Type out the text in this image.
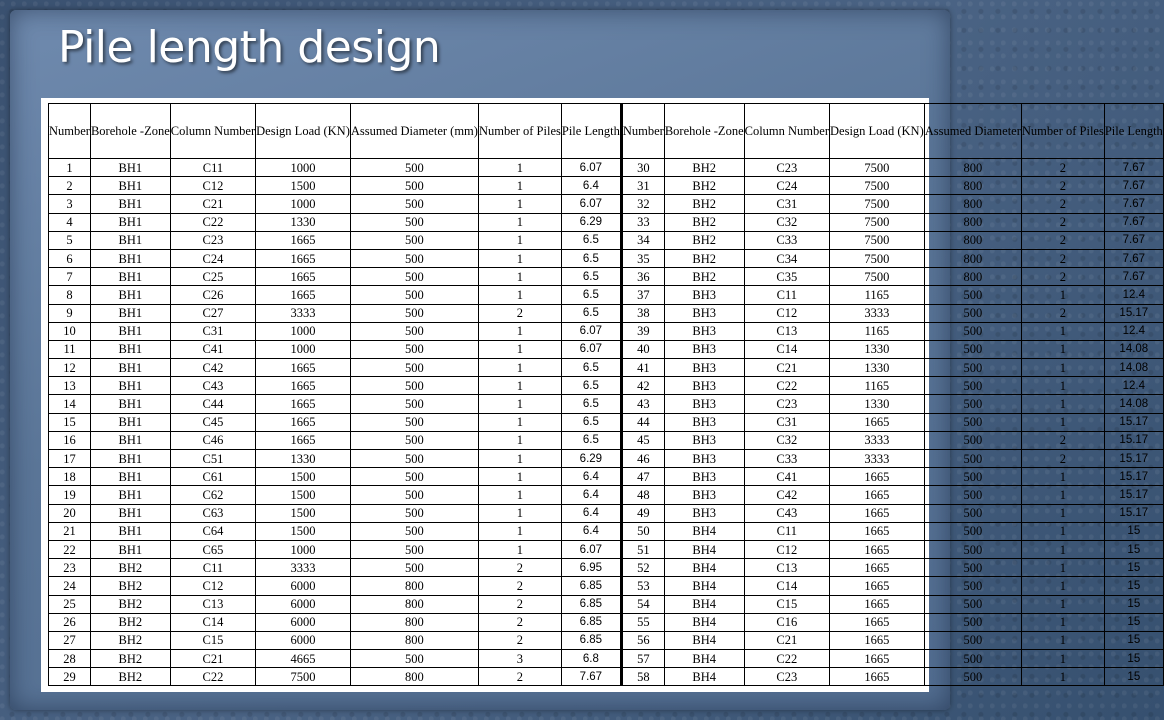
Pile length design
Number	Borehole -Zone	Column Number	Design Load (KN)	Assumed Diameter (mm)	Number of Piles	Pile Length
1	BH1	C11	1000	500	1	6.07
2	BH1	C12	1500	500	1	6.4
3	BH1	C21	1000	500	1	6.07
4	BH1	C22	1330	500	1	6.29
5	BH1	C23	1665	500	1	6.5
6	BH1	C24	1665	500	1	6.5
7	BH1	C25	1665	500	1	6.5
8	BH1	C26	1665	500	1	6.5
9	BH1	C27	3333	500	2	6.5
10	BH1	C31	1000	500	1	6.07
11	BH1	C41	1000	500	1	6.07
12	BH1	C42	1665	500	1	6.5
13	BH1	C43	1665	500	1	6.5
14	BH1	C44	1665	500	1	6.5
15	BH1	C45	1665	500	1	6.5
16	BH1	C46	1665	500	1	6.5
17	BH1	C51	1330	500	1	6.29
18	BH1	C61	1500	500	1	6.4
19	BH1	C62	1500	500	1	6.4
20	BH1	C63	1500	500	1	6.4
21	BH1	C64	1500	500	1	6.4
22	BH1	C65	1000	500	1	6.07
23	BH2	C11	3333	500	2	6.95
24	BH2	C12	6000	800	2	6.85
25	BH2	C13	6000	800	2	6.85
26	BH2	C14	6000	800	2	6.85
27	BH2	C15	6000	800	2	6.85
28	BH2	C21	4665	500	3	6.8
29	BH2	C22	7500	800	2	7.67
Number	Borehole -Zone	Column Number	Design Load (KN)	Assumed Diameter	Number of Piles	Pile Length
30	BH2	C23	7500	800	2	7.67
31	BH2	C24	7500	800	2	7.67
32	BH2	C31	7500	800	2	7.67
33	BH2	C32	7500	800	2	7.67
34	BH2	C33	7500	800	2	7.67
35	BH2	C34	7500	800	2	7.67
36	BH2	C35	7500	800	2	7.67
37	BH3	C11	1165	500	1	12.4
38	BH3	C12	3333	500	2	15.17
39	BH3	C13	1165	500	1	12.4
40	BH3	C14	1330	500	1	14.08
41	BH3	C21	1330	500	1	14.08
42	BH3	C22	1165	500	1	12.4
43	BH3	C23	1330	500	1	14.08
44	BH3	C31	1665	500	1	15.17
45	BH3	C32	3333	500	2	15.17
46	BH3	C33	3333	500	2	15.17
47	BH3	C41	1665	500	1	15.17
48	BH3	C42	1665	500	1	15.17
49	BH3	C43	1665	500	1	15.17
50	BH4	C11	1665	500	1	15
51	BH4	C12	1665	500	1	15
52	BH4	C13	1665	500	1	15
53	BH4	C14	1665	500	1	15
54	BH4	C15	1665	500	1	15
55	BH4	C16	1665	500	1	15
56	BH4	C21	1665	500	1	15
57	BH4	C22	1665	500	1	15
58	BH4	C23	1665	500	1	15
